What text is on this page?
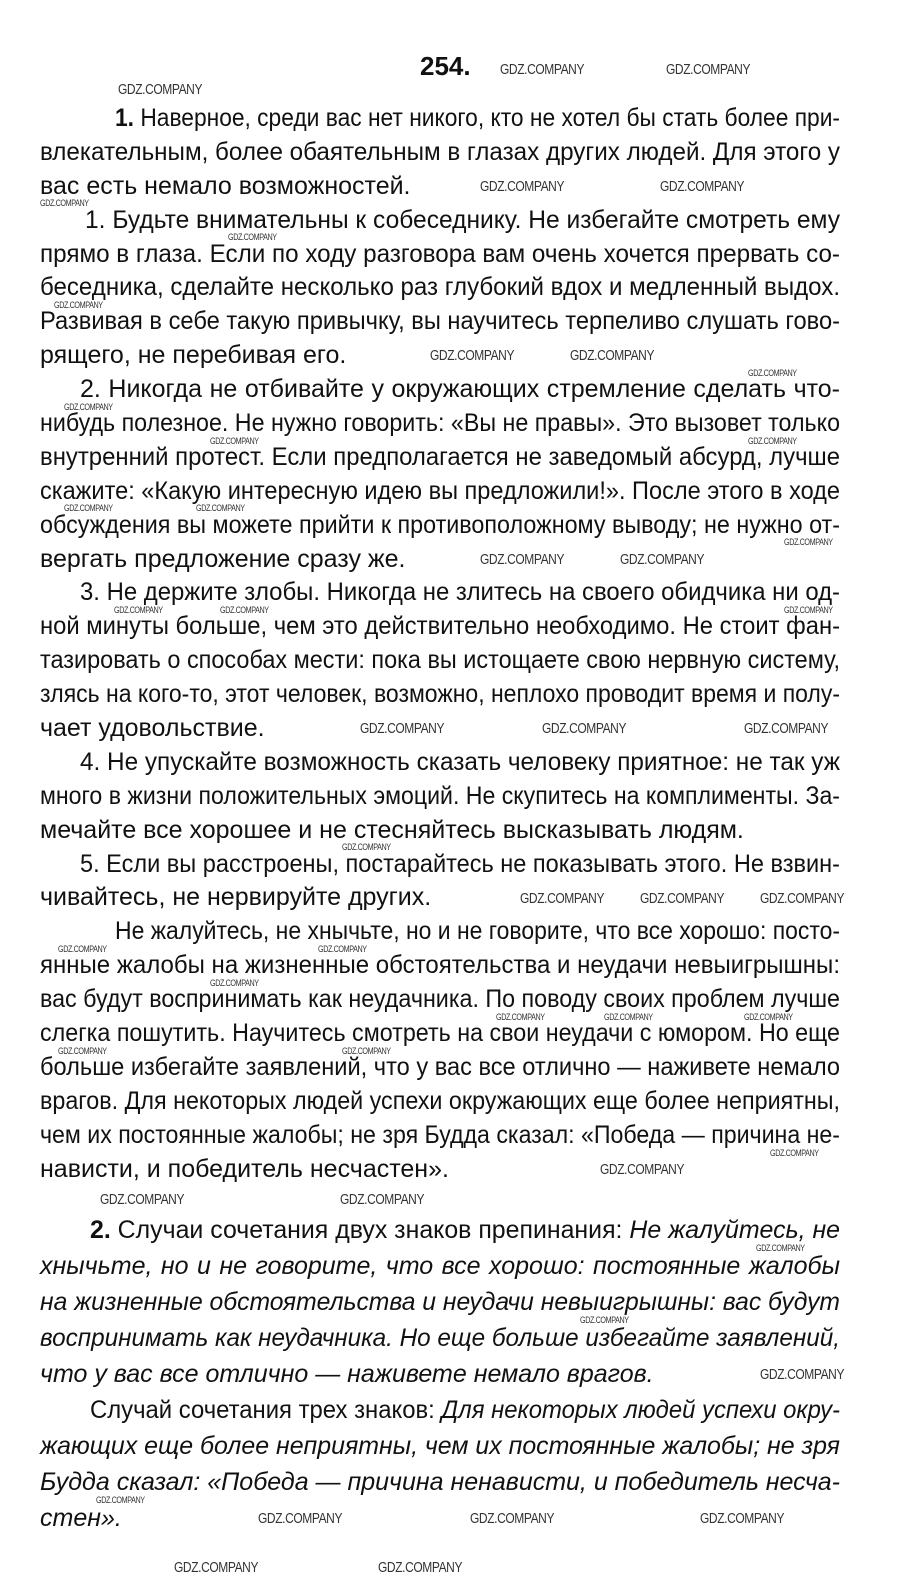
254.
1. Наверное, среди вас нет никого, кто не хотел бы стать более при-
влекательным, более обаятельным в глазах других людей. Для этого у
вас есть немало возможностей.
1. Будьте внимательны к собеседнику. Не избегайте смотреть ему
прямо в глаза. Если по ходу разговора вам очень хочется прервать со-
беседника, сделайте несколько раз глубокий вдох и медленный выдох.
Развивая в себе такую привычку, вы научитесь терпеливо слушать гово-
рящего, не перебивая его.
2. Никогда не отбивайте у окружающих стремление сделать что-
нибудь полезное. Не нужно говорить: «Вы не правы». Это вызовет только
внутренний протест. Если предполагается не заведомый абсурд, лучше
скажите: «Какую интересную идею вы предложили!». После этого в ходе
обсуждения вы можете прийти к противоположному выводу; не нужно от-
вергать предложение сразу же.
3. Не держите злобы. Никогда не злитесь на своего обидчика ни од-
ной минуты больше, чем это действительно необходимо. Не стоит фан-
тазировать о способах мести: пока вы истощаете свою нервную систему,
злясь на кого-то, этот человек, возможно, неплохо проводит время и полу-
чает удовольствие.
4. Не упускайте возможность сказать человеку приятное: не так уж
много в жизни положительных эмоций. Не скупитесь на комплименты. За-
мечайте все хорошее и не стесняйтесь высказывать людям.
5. Если вы расстроены, постарайтесь не показывать этого. Не взвин-
чивайтесь, не нервируйте других.
Не жалуйтесь, не хнычьте, но и не говорите, что все хорошо: посто-
янные жалобы на жизненные обстоятельства и неудачи невыигрышны:
вас будут воспринимать как неудачника. По поводу своих проблем лучше
слегка пошутить. Научитесь смотреть на свои неудачи с юмором. Но еще
больше избегайте заявлений, что у вас все отлично — наживете немало
врагов. Для некоторых людей успехи окружающих еще более неприятны,
чем их постоянные жалобы; не зря Будда сказал: «Победа — причина не-
нависти, и победитель несчастен».
2. Случаи сочетания двух знаков препинания: Не жалуйтесь, не
хнычьте, но и не говорите, что все хорошо: постоянные жалобы
на жизненные обстоятельства и неудачи невыигрышны: вас будут
воспринимать как неудачника. Но еще больше избегайте заявлений,
что у вас все отлично — наживете немало врагов.
Случай сочетания трех знаков: Для некоторых людей успехи окру-
жающих еще более неприятны, чем их постоянные жалобы; не зря
Будда сказал: «Победа — причина ненависти, и победитель несча-
стен».
GDZ.COMPANY
GDZ.COMPANY	GDZ.COMPANY
GDZ.COMPANY	GDZ.COMPANY
GDZ.COMPANY	GDZ.COMPANY
GDZ.COMPANY	GDZ.COMPANY
GDZ.COMPANY	GDZ.COMPANY	GDZ.COMPANY
GDZ.COMPANY GDZ.COMPANY GDZ.COMPANY
GDZ.COMPANY
GDZ.COMPANY	GDZ.COMPANY
GDZ.COMPANY
GDZ.COMPANY	GDZ.COMPANY	GDZ.COMPANY
GDZ.COMPANY	GDZ.COMPANY
GDZ.COMPANY
GDZ.COMPANY
GDZ.COMPANY
GDZ.COMPANY
GDZ.COMPANY
GDZ.COMPANY	GDZ.COMPANY
GDZ.COMPANY	GDZ.COMPANY
GDZ.COMPANY
GDZ.COMPANY	GDZ.COMPANY	GDZ.COMPANY
GDZ.COMPANY
GDZ.COMPANY	GDZ.COMPANY
GDZ.COMPANY
GDZ.COMPANY	GDZ.COMPANY	GDZ.COMPANY
GDZ.COMPANY	GDZ.COMPANY
GDZ.COMPANY
GDZ.COMPANY
GDZ.COMPANY
GDZ.COMPANY
